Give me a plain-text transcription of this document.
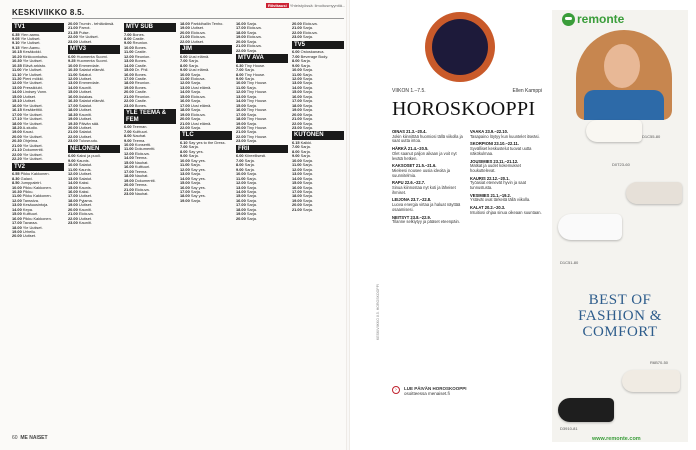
KESKIVIIKKO 8.5.
Rilvikausi Yhteistyössä: ilmoitusmyyntiä...
TV1
6.35 Ylen aamu.
9.05 Yle Uutiset.
9.10 Yle Uutiset.
9.15 Ylen Aamu.
10.15 Kesäkokki.
10.20 Kirkkoonkutsu.
10.30 Yle Uutiset.
10.35 Elävä arkisto.
11.00 Yle Uutiset.
11.10 Yle Uutiset.
11.20 Pieni mökki.
12.00 Yle Uutiset.
13.00 Pressiklubi.
14.00 Lindsey Vonn.
15.00 Uutiset.
15.10 Uutiset.
16.00 Yle Uutiset.
16.15 Kesäkeittiö.
17.00 Yle Uutiset.
17.10 Yle Uutiset.
18.00 Yle Uutiset.
18.20 A-studio.
19.00 Kausi.
20.00 Yle Uutiset.
20.30 Ohjelma.
21.00 Yle Uutiset.
21.10 Dokumentti.
22.00 Yle Uutiset.
22.20 Yle Uutiset.
TV2
6.55 Pikku Kakkonen.
8.30 Galaxi.
8.50 Jumppaleiri.
10.00 Pikku Kakkonen.
10.30 Pikku.
11.00 Pikku Kakkonen.
12.00 Tanssiva.
13.00 Kesäuusintoja.
14.00 Kepa.
15.00 Kulttuuri.
16.00 Pikku Kakkonen.
17.00 Tavaraa.
18.00 Yle Uutiset.
19.00 Urheilu.
20.00 Uutiset.
20.00 Trumin - tehtävänsä.
21.00 Parrot.
21.35 Pulse.
22.00 Yle Uutiset.
23.00 Uutiset.
MTV3
6.00 Huomenta Suomi.
9.25 Huomenta Suomi.
10.00 Emmerdale.
10.30 Salatut elämät.
11.00 Salatut.
12.00 Uutiset.
13.00 Emmerdale.
14.00 Kauniit.
15.00 Uutiset.
16.00 Asiakas.
16.30 Salatut elämät.
17.00 Salatut.
18.00 Uutiset.
18.30 Kauniit.
19.00 Uutiset.
19.30 Päivän sää.
20.00 Uutiset.
21.00 Salatut.
22.00 Uutiset.
23.00 Tulosruutu.
NELONEN
6.00 Kaksi ja puoli.
9.00 Kaunis.
10.00 Salatut.
11.00 Kaunis.
12.00 Uutiset.
13.00 Salatut.
14.00 Kaksi.
15.00 Kaunis.
16.00 Kaksi.
17.00 Uutiset.
18.00 Pyjama.
19.00 Uutiset.
20.00 Kauniit.
21.00 Elokuva.
22.00 Uutiset.
23.00 Kauniit.
MTV SUB
7.00 Bones.
8.00 Castle.
9.00 Reunion.
10.00 Bones.
11.00 Castle.
12.00 Reunion.
13.00 Bones.
14.00 Castle.
15.00 Dr. Phil.
16.00 Bones.
17.00 Castle.
18.00 Reunion.
19.00 Bones.
20.00 Castle.
21.00 Reunion.
22.00 Castle.
23.00 Bones.
YLE TEEMA & FEM
6.00 Teeman.
7.00 Kulttuuri.
8.00 Nauhat.
9.00 Teema.
10.00 Konsertti.
11.00 Dokumentti.
12.00 Elokuva.
14.00 Teema.
15.00 Nauhat.
16.00 Kulttuuri.
17.00 Teema.
18.00 Nauhat.
19.00 Dokumentti.
20.00 Teema.
21.00 Elokuva.
23.00 Nauhat.
18.00 Parkkihallin Tenho.
19.00 Uutiset.
20.00 Elokuva.
21.00 Elokuva.
22.00 Uutiset.
JIM
6.00 Uusi elämä.
7.00 Sarja.
8.00 Sarja.
9.00 Uusi elämä.
10.00 Sarja.
11.00 Elokuva.
12.00 Sarja.
13.00 Uusi elämä.
14.00 Sarja.
15.00 Elokuva.
16.00 Sarja.
17.00 Uusi elämä.
18.00 Sarja.
19.00 Elokuva.
20.00 Sarja.
21.00 Uusi elämä.
22.00 Sarja.
TLC
6.10 Say yes to the Dress.
7.00 Sarja.
8.00 Say yes.
9.00 Sarja.
10.00 Say yes.
11.00 Sarja.
12.00 Say yes.
13.00 Sarja.
14.00 Say yes.
15.00 Sarja.
16.00 Say yes.
17.00 Sarja.
18.00 Say yes.
19.00 Sarja.
16.00 Sarja.
17.00 Elokuva.
18.00 Sarja.
19.00 Elokuva.
20.00 Sarja.
21.00 Elokuva.
22.00 Sarja.
MTV AVA
6.30 Tiny House.
7.00 Sarja.
8.00 Tiny House.
9.00 Sarja.
10.00 Tiny House.
11.00 Sarja.
12.00 Tiny House.
13.00 Sarja.
14.00 Tiny House.
15.00 Sarja.
16.00 Tiny House.
17.00 Sarja.
18.00 Tiny House.
19.00 Sarja.
20.00 Tiny House.
21.00 Sarja.
22.00 Tiny House.
23.00 Sarja.
FRII
6.00 Kiireellisesti.
7.00 Sarja.
8.00 Sarja.
9.00 Sarja.
10.00 Sarja.
11.00 Sarja.
12.00 Sarja.
13.00 Sarja.
14.00 Sarja.
15.00 Sarja.
16.00 Sarja.
17.00 Sarja.
18.00 Sarja.
19.00 Sarja.
20.00 Sarja.
20.00 Elokuva.
21.00 Sarja.
22.00 Elokuva.
23.00 Sarja.
TV5
6.00 Ostoskanava.
7.00 Beverage Body.
8.00 Sarja.
9.00 Sarja.
10.00 Sarja.
11.00 Sarja.
12.00 Sarja.
13.00 Sarja.
14.00 Sarja.
15.00 Sarja.
16.00 Sarja.
17.00 Sarja.
18.00 Sarja.
19.00 Sarja.
20.00 Sarja.
21.00 Sarja.
22.00 Sarja.
23.00 Sarja.
KUTONEN
6.15 Kaikki.
7.00 Sarja.
8.00 Sarja.
9.00 Sarja.
10.00 Sarja.
11.00 Sarja.
12.00 Sarja.
13.00 Sarja.
14.00 Sarja.
15.00 Sarja.
16.00 Sarja.
17.00 Sarja.
18.00 Sarja.
19.00 Sarja.
20.00 Sarja.
21.00 Sarja.
60 ME NAISET
KESKIVIIKKO 8.5. HOROSKOOPPI
VIIKON 1.–7.5.	Ellen Kamppi
HOROSKOOPPI
OINAS 21.3.–20.4.
Jokin kiinnittää huomiosi tällä viikolla ja saat uutta intoa.
HÄRKÄ 21.4.–20.5.
Olet saanut paljon aikaan ja voit nyt levätä hetken.
KAKSOSET 21.5.–21.6.
Mieleesi nousee uusia ideoita ja suunnitelmia.
RAPU 22.6.–22.7.
Sinua kiinnostaa nyt koti ja läheiset ihmiset.
LEIJONA 23.7.–22.8.
Luova energia virtaa ja haluat näyttää osaamisesi.
NEITSYT 23.8.–22.9.
Tilanne selkiytyy ja pääset eteenpäin.
VAAKA 23.9.–22.10.
Tasapaino löytyy kun kuuntelet itseäsi.
SKORPIONI 23.10.–22.11.
Syvälliset keskustelut tuovat uutta näkökulmaa.
JOUSIMIES 23.11.–21.12.
Matkat ja uudet kokemukset houkuttelevat.
KAURIS 22.12.–20.1.
Työasiat etenevät hyvin ja saat tunnustusta.
VESIMIES 21.1.–19.2.
Ystävät ovat tärkeitä tällä viikolla.
KALAT 20.2.–20.3.
Intuitiosi ohjaa sinua oikeaan suuntaan.
›	LUE PÄIVÄN HOROSKOOPPI
osoitteessa menaiset.fi
remonte
D1C55-80
D0T23-60
D1C51-80
BEST OF FASHION & COMFORT
R6B70-50
D3910-81
www.remonte.com
